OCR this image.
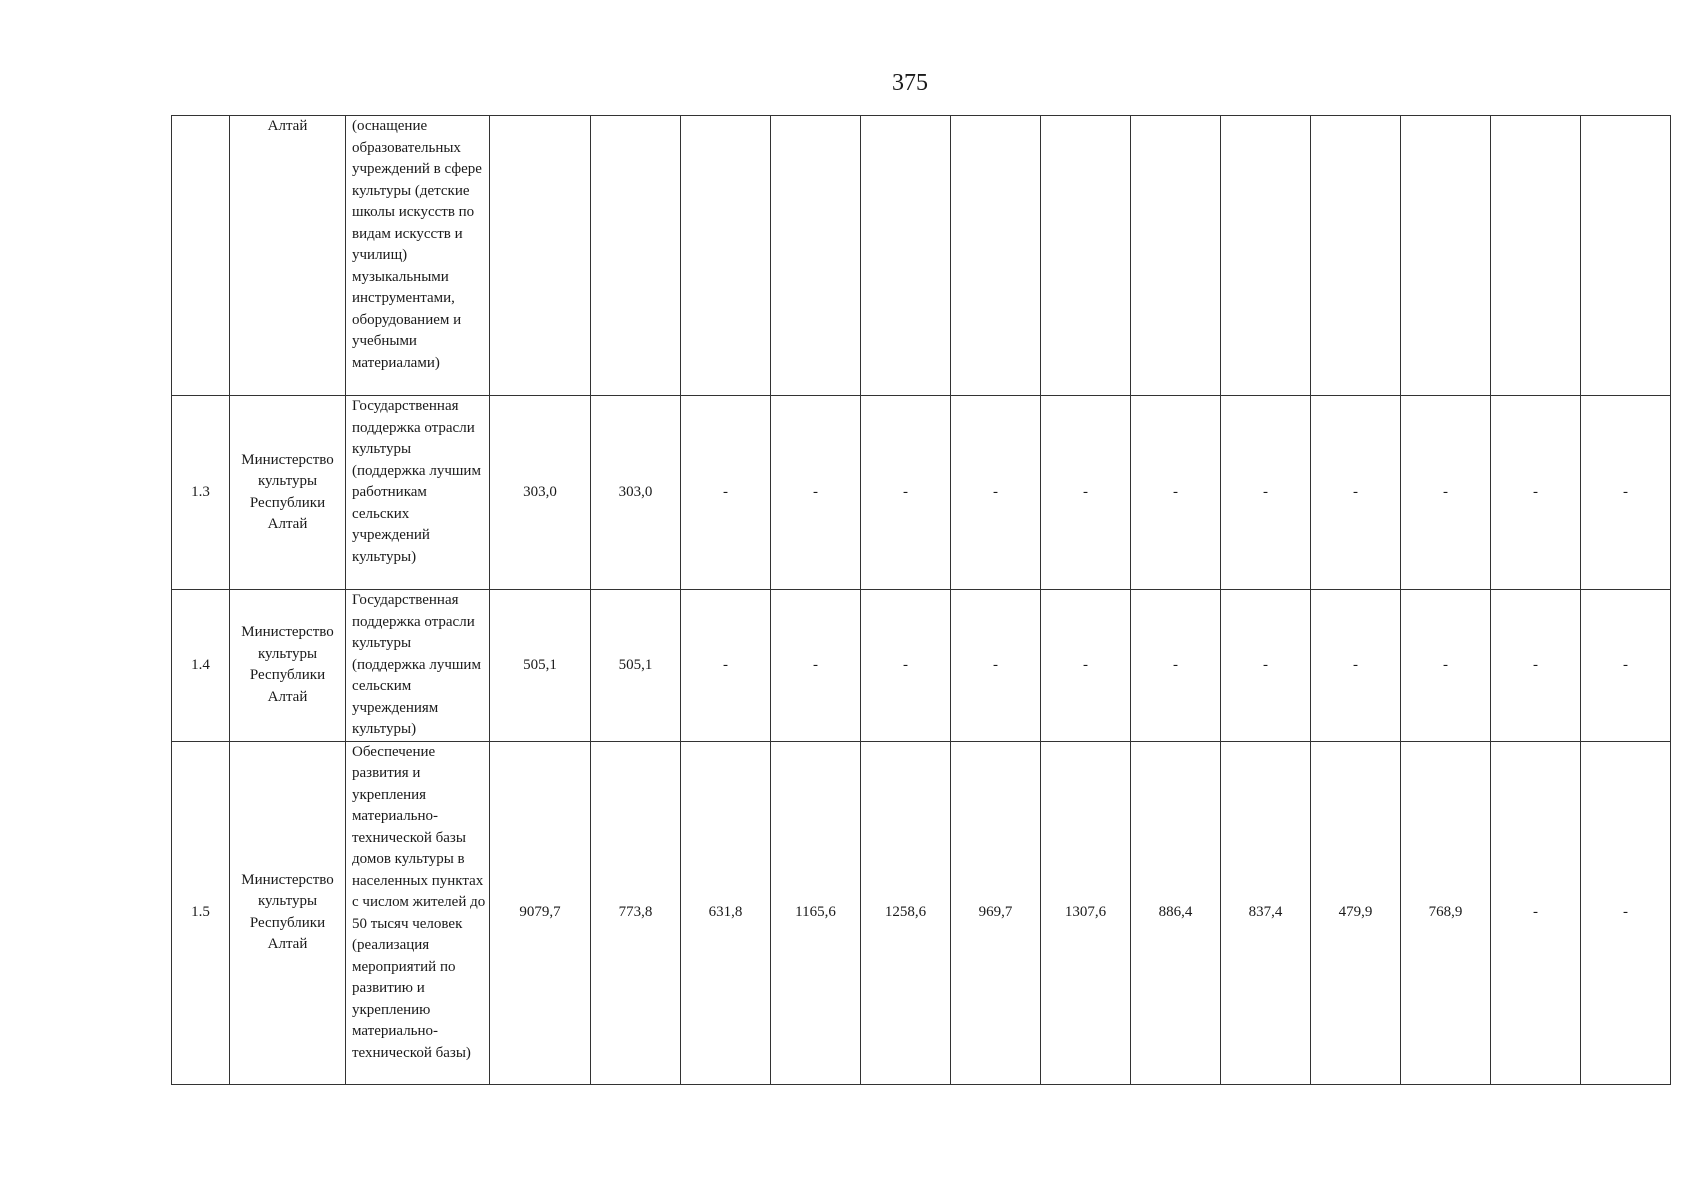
375
	Алтай	(оснащение образовательных учреждений в сфере культуры (детские школы искусств по видам искусств и училищ) музыкальными инструментами, оборудованием и учебными материалами)													
1.3	Министерство культуры Республики Алтай	Государственная поддержка отрасли культуры (поддержка лучшим работникам сельских учреждений культуры)	303,0	303,0	-	-	-	-	-	-	-	-	-	-	-
1.4	Министерство культуры Республики Алтай	Государственная поддержка отрасли культуры (поддержка лучшим сельским учреждениям культуры)	505,1	505,1	-	-	-	-	-	-	-	-	-	-	-
1.5	Министерство культуры Республики Алтай	Обеспечение развития и укрепления материально-технической базы домов культуры в населенных пунктах с числом жителей до 50 тысяч человек (реализация мероприятий по развитию и укреплению материально-технической базы)	9079,7	773,8	631,8	1165,6	1258,6	969,7	1307,6	886,4	837,4	479,9	768,9	-	-
